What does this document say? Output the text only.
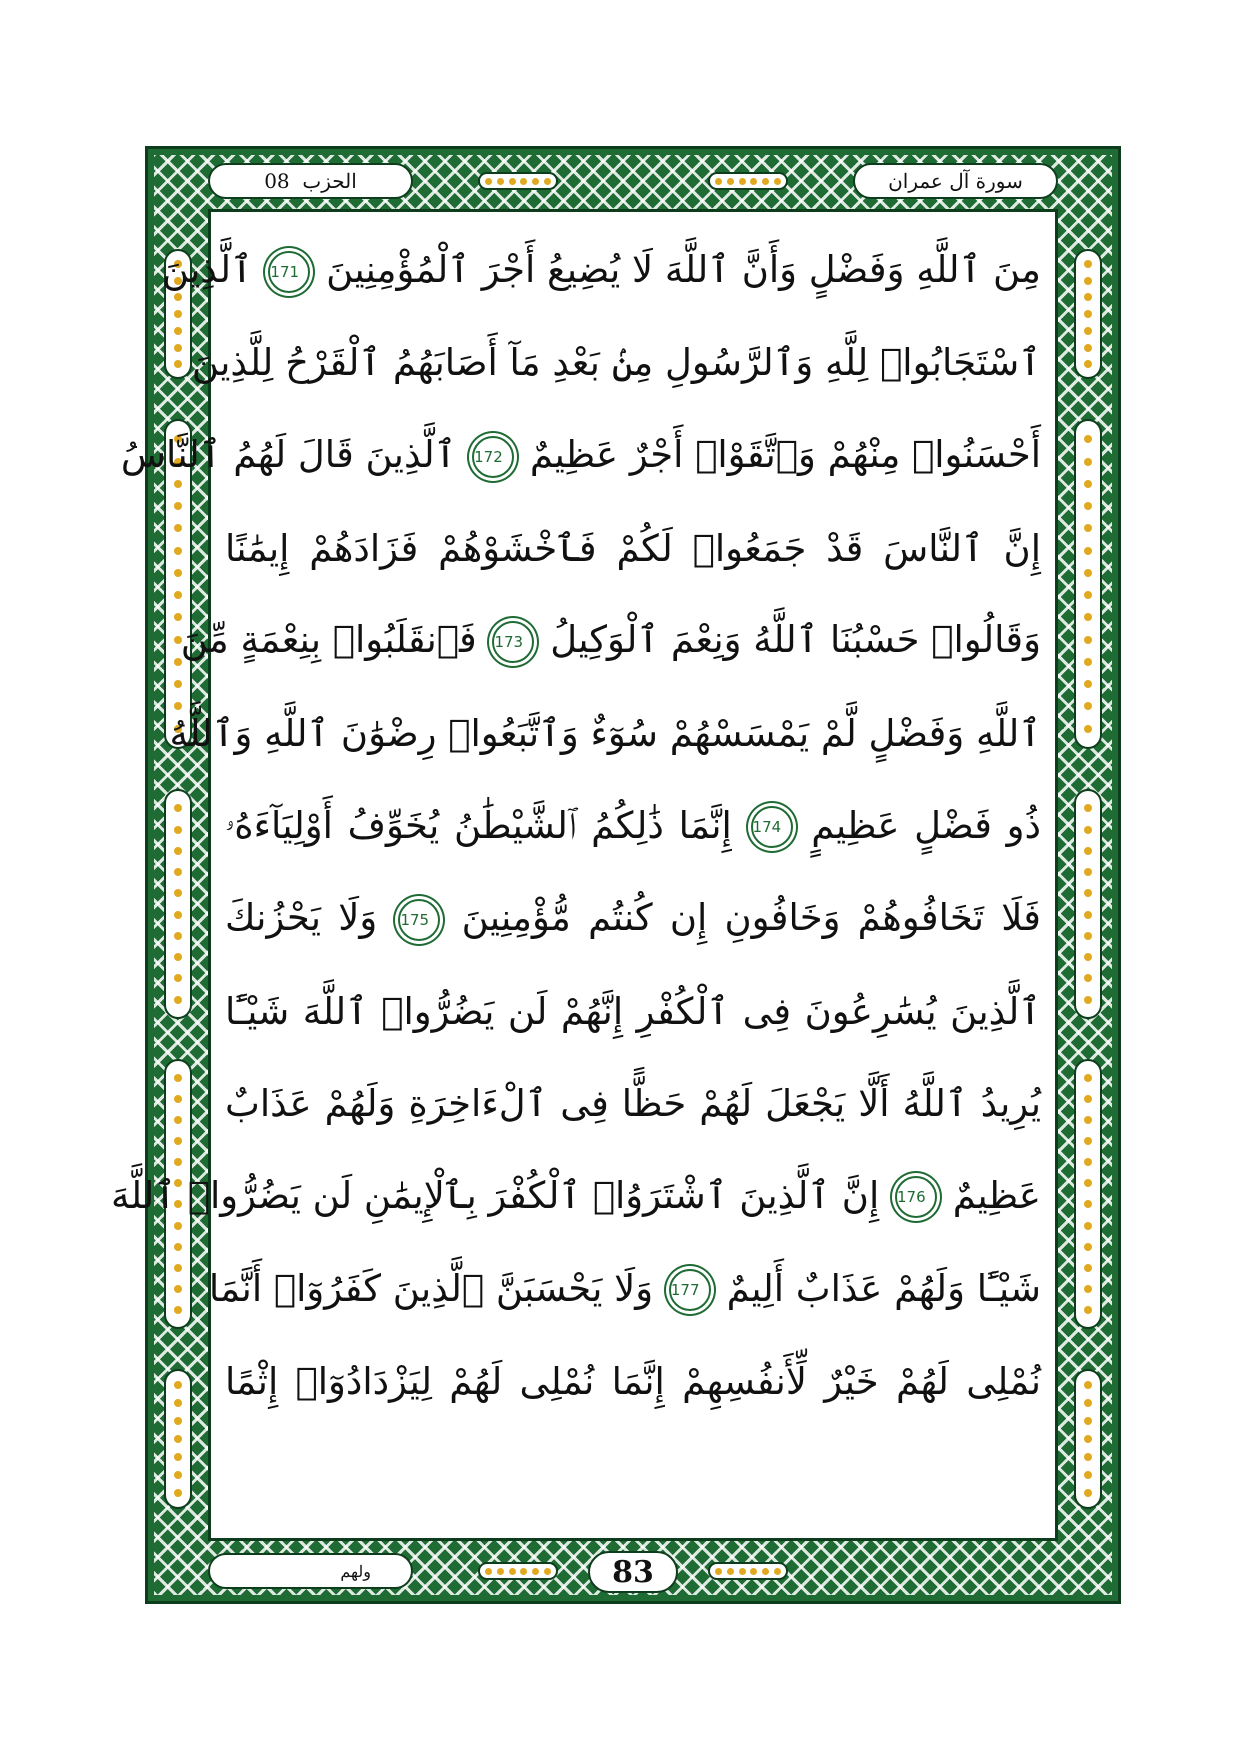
سورة آل عمران
الحزب

08
مِنَ ٱللَّهِ وَفَضْلٍ وَأَنَّ ٱللَّهَ لَا يُضِيعُ أَجْرَ ٱلْمُؤْمِنِينَ 171 ٱلَّذِينَ
ٱسْتَجَابُوا۟ لِلَّهِ وَٱلرَّسُولِ مِنۢ بَعْدِ مَآ أَصَابَهُمُ ٱلْقَرْحُ لِلَّذِينَ
أَحْسَنُوا۟ مِنْهُمْ وَٱتَّقَوْا۟ أَجْرٌ عَظِيمٌ 172 ٱلَّذِينَ قَالَ لَهُمُ ٱلنَّاسُ
إِنَّ ٱلنَّاسَ قَدْ جَمَعُوا۟ لَكُمْ فَٱخْشَوْهُمْ فَزَادَهُمْ إِيمَٰنًا
وَقَالُوا۟ حَسْبُنَا ٱللَّهُ وَنِعْمَ ٱلْوَكِيلُ 173 فَٱنقَلَبُوا۟ بِنِعْمَةٍ مِّنَ
ٱللَّهِ وَفَضْلٍ لَّمْ يَمْسَسْهُمْ سُوٓءٌ وَٱتَّبَعُوا۟ رِضْوَٰنَ ٱللَّهِ وَٱللَّهُ
ذُو فَضْلٍ عَظِيمٍ 174 إِنَّمَا ذَٰلِكُمُ ٱلشَّيْطَٰنُ يُخَوِّفُ أَوْلِيَآءَهُۥ
فَلَا تَخَافُوهُمْ وَخَافُونِ إِن كُنتُم مُّؤْمِنِينَ 175 وَلَا يَحْزُنكَ
ٱلَّذِينَ يُسَٰرِعُونَ فِى ٱلْكُفْرِ إِنَّهُمْ لَن يَضُرُّوا۟ ٱللَّهَ شَيْـًٔا
يُرِيدُ ٱللَّهُ أَلَّا يَجْعَلَ لَهُمْ حَظًّا فِى ٱلْءَاخِرَةِ وَلَهُمْ عَذَابٌ
عَظِيمٌ 176 إِنَّ ٱلَّذِينَ ٱشْتَرَوُا۟ ٱلْكُفْرَ بِٱلْإِيمَٰنِ لَن يَضُرُّوا۟ ٱللَّهَ
شَيْـًٔا وَلَهُمْ عَذَابٌ أَلِيمٌ 177 وَلَا يَحْسَبَنَّ ٱلَّذِينَ كَفَرُوٓا۟ أَنَّمَا
نُمْلِى لَهُمْ خَيْرٌ لِّأَنفُسِهِمْ إِنَّمَا نُمْلِى لَهُمْ لِيَزْدَادُوٓا۟ إِثْمًا
83
ولهم
